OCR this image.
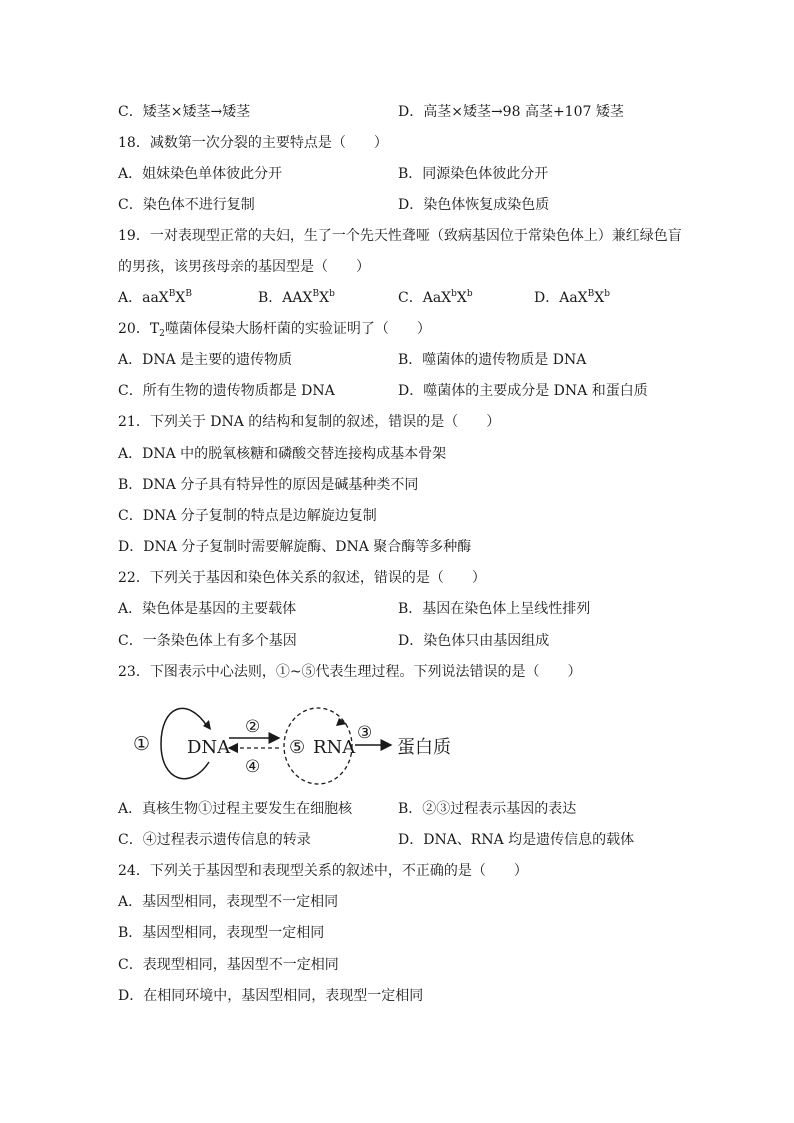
C．矮茎×矮茎→矮茎	D．高茎×矮茎→98 高茎+107 矮茎
18．减数第一次分裂的主要特点是（　　）
A．姐妹染色单体彼此分开	B．同源染色体彼此分开
C．染色体不进行复制	D．染色体恢复成染色质
19．一对表现型正常的夫妇，生了一个先天性聋哑（致病基因位于常染色体上）兼红绿色盲
的男孩，该男孩母亲的基因型是（　　）
A．$aaX^BX^B$	B．$AAX^BX^b$	C．$AaX^bX^b$	D．$AaX^BX^b$
20．$T_2$噬菌体侵染大肠杆菌的实验证明了（　　）
A．DNA 是主要的遗传物质	B．噬菌体的遗传物质是 DNA
C．所有生物的遗传物质都是 DNA	D．噬菌体的主要成分是 DNA 和蛋白质
21．下列关于 DNA 的结构和复制的叙述，错误的是（　　）
A．DNA 中的脱氧核糖和磷酸交替连接构成基本骨架
B．DNA 分子具有特异性的原因是碱基种类不同
C．DNA 分子复制的特点是边解旋边复制
D．DNA 分子复制时需要解旋酶、DNA 聚合酶等多种酶
22．下列关于基因和染色体关系的叙述，错误的是（　　）
A．染色体是基因的主要载体	B．基因在染色体上呈线性排列
C．一条染色体上有多个基因	D．染色体只由基因组成
23．下图表示中心法则，①~⑤代表生理过程。下列说法错误的是（　　）
① DNA
②
④
⑤ RNA
③
蛋白质
A．真核生物①过程主要发生在细胞核	B．②③过程表示基因的表达
C．④过程表示遗传信息的转录	D．DNA、RNA 均是遗传信息的载体
24．下列关于基因型和表现型关系的叙述中，不正确的是（　　）
A．基因型相同，表现型不一定相同
B．基因型相同，表现型一定相同
C．表现型相同，基因型不一定相同
D．在相同环境中，基因型相同，表现型一定相同
